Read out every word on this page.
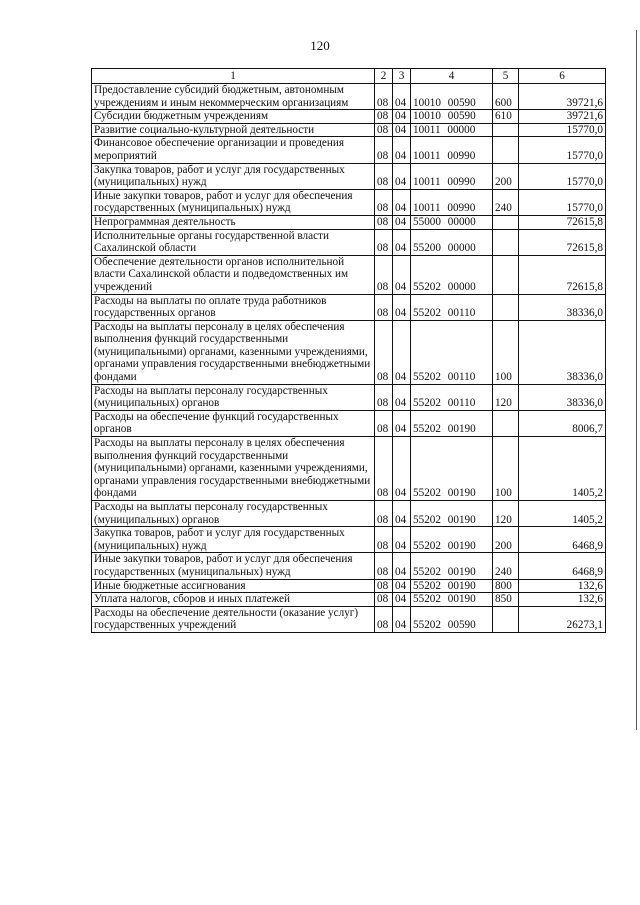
120
1	2	3	4	5	6
Предоставление субсидий бюджетным, автономным учреждениям и иным некоммерческим организациям	08	04	10010 00590	600	39721,6
Субсидии бюджетным учреждениям	08	04	10010 00590	610	39721,6
Развитие социально-культурной деятельности	08	04	10011 00000		15770,0
Финансовое обеспечение организации и проведения мероприятий	08	04	10011 00990		15770,0
Закупка товаров, работ и услуг для государственных (муниципальных) нужд	08	04	10011 00990	200	15770,0
Иные закупки товаров, работ и услуг для обеспечения государственных (муниципальных) нужд	08	04	10011 00990	240	15770,0
Непрограммная деятельность	08	04	55000 00000		72615,8
Исполнительные органы государственной власти Сахалинской области	08	04	55200 00000		72615,8
Обеспечение деятельности органов исполнительной власти Сахалинской области и подведомственных им учреждений	08	04	55202 00000		72615,8
Расходы на выплаты по оплате труда работников государственных органов	08	04	55202 00110		38336,0
Расходы на выплаты персоналу в целях обеспечения выполнения функций государственными (муниципальными) органами, казенными учреждениями, органами управления государственными внебюджетными фондами	08	04	55202 00110	100	38336,0
Расходы на выплаты персоналу государственных (муниципальных) органов	08	04	55202 00110	120	38336,0
Расходы на обеспечение функций государственных органов	08	04	55202 00190		8006,7
Расходы на выплаты персоналу в целях обеспечения выполнения функций государственными (муниципальными) органами, казенными учреждениями, органами управления государственными внебюджетными фондами	08	04	55202 00190	100	1405,2
Расходы на выплаты персоналу государственных (муниципальных) органов	08	04	55202 00190	120	1405,2
Закупка товаров, работ и услуг для государственных (муниципальных) нужд	08	04	55202 00190	200	6468,9
Иные закупки товаров, работ и услуг для обеспечения государственных (муниципальных) нужд	08	04	55202 00190	240	6468,9
Иные бюджетные ассигнования	08	04	55202 00190	800	132,6
Уплата налогов, сборов и иных платежей	08	04	55202 00190	850	132,6
Расходы на обеспечение деятельности (оказание услуг) государственных учреждений	08	04	55202 00590		26273,1
